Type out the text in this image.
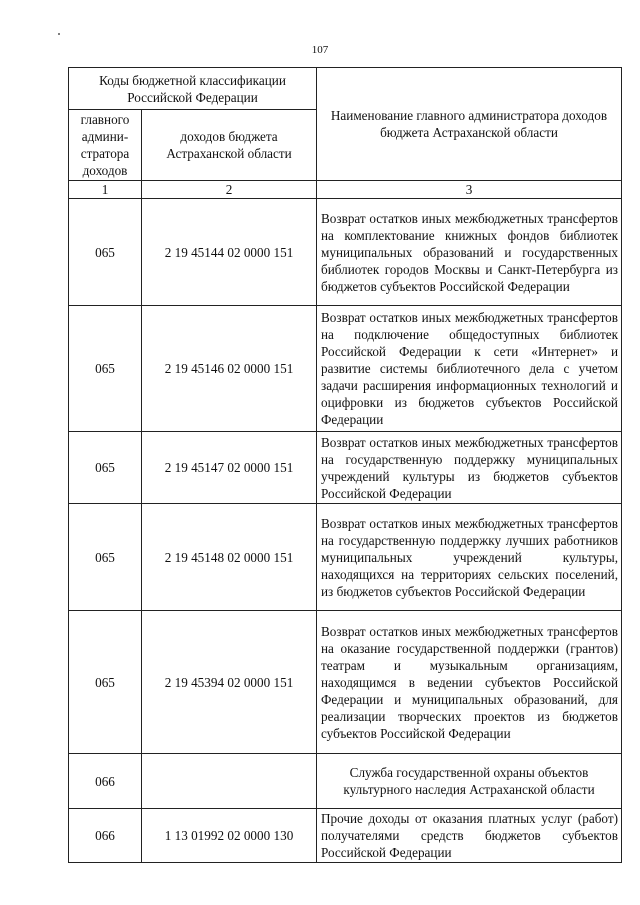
107
Коды бюджетной классификации Российской Федерации		Наименование главного администратора доходов бюджета Астраханской области
главного админи-стратора доходов	доходов бюджета Астраханской области	
1	2	3
065	2 19 45144 02 0000 151	Возврат остатков иных межбюджетных трансфертов на комплектование книжных фондов библиотек муниципальных образований и государственных библиотек городов Москвы и Санкт-Петербурга из бюджетов субъектов Российской Федерации
065	2 19 45146 02 0000 151	Возврат остатков иных межбюджетных трансфертов на подключение общедоступных библиотек Российской Федерации к сети «Интернет» и развитие системы библиотечного дела с учетом задачи расширения информационных технологий и оцифровки из бюджетов субъектов Российской Федерации
065	2 19 45147 02 0000 151	Возврат остатков иных межбюджетных трансфертов на государственную поддержку муниципальных учреждений культуры из бюджетов субъектов Российской Федерации
065	2 19 45148 02 0000 151	Возврат остатков иных межбюджетных трансфертов на государственную поддержку лучших работников муниципальных учреждений культуры, находящихся на территориях сельских поселений, из бюджетов субъектов Российской Федерации
065	2 19 45394 02 0000 151	Возврат остатков иных межбюджетных трансфертов на оказание государственной поддержки (грантов) театрам и музыкальным организациям, находящимся в ведении субъектов Российской Федерации и муниципальных образований, для реализации творческих проектов из бюджетов субъектов Российской Федерации
066		Служба государственной охраны объектов культурного наследия Астраханской области
066	1 13 01992 02 0000 130	Прочие доходы от оказания платных услуг (работ) получателями средств бюджетов субъектов Российской Федерации
